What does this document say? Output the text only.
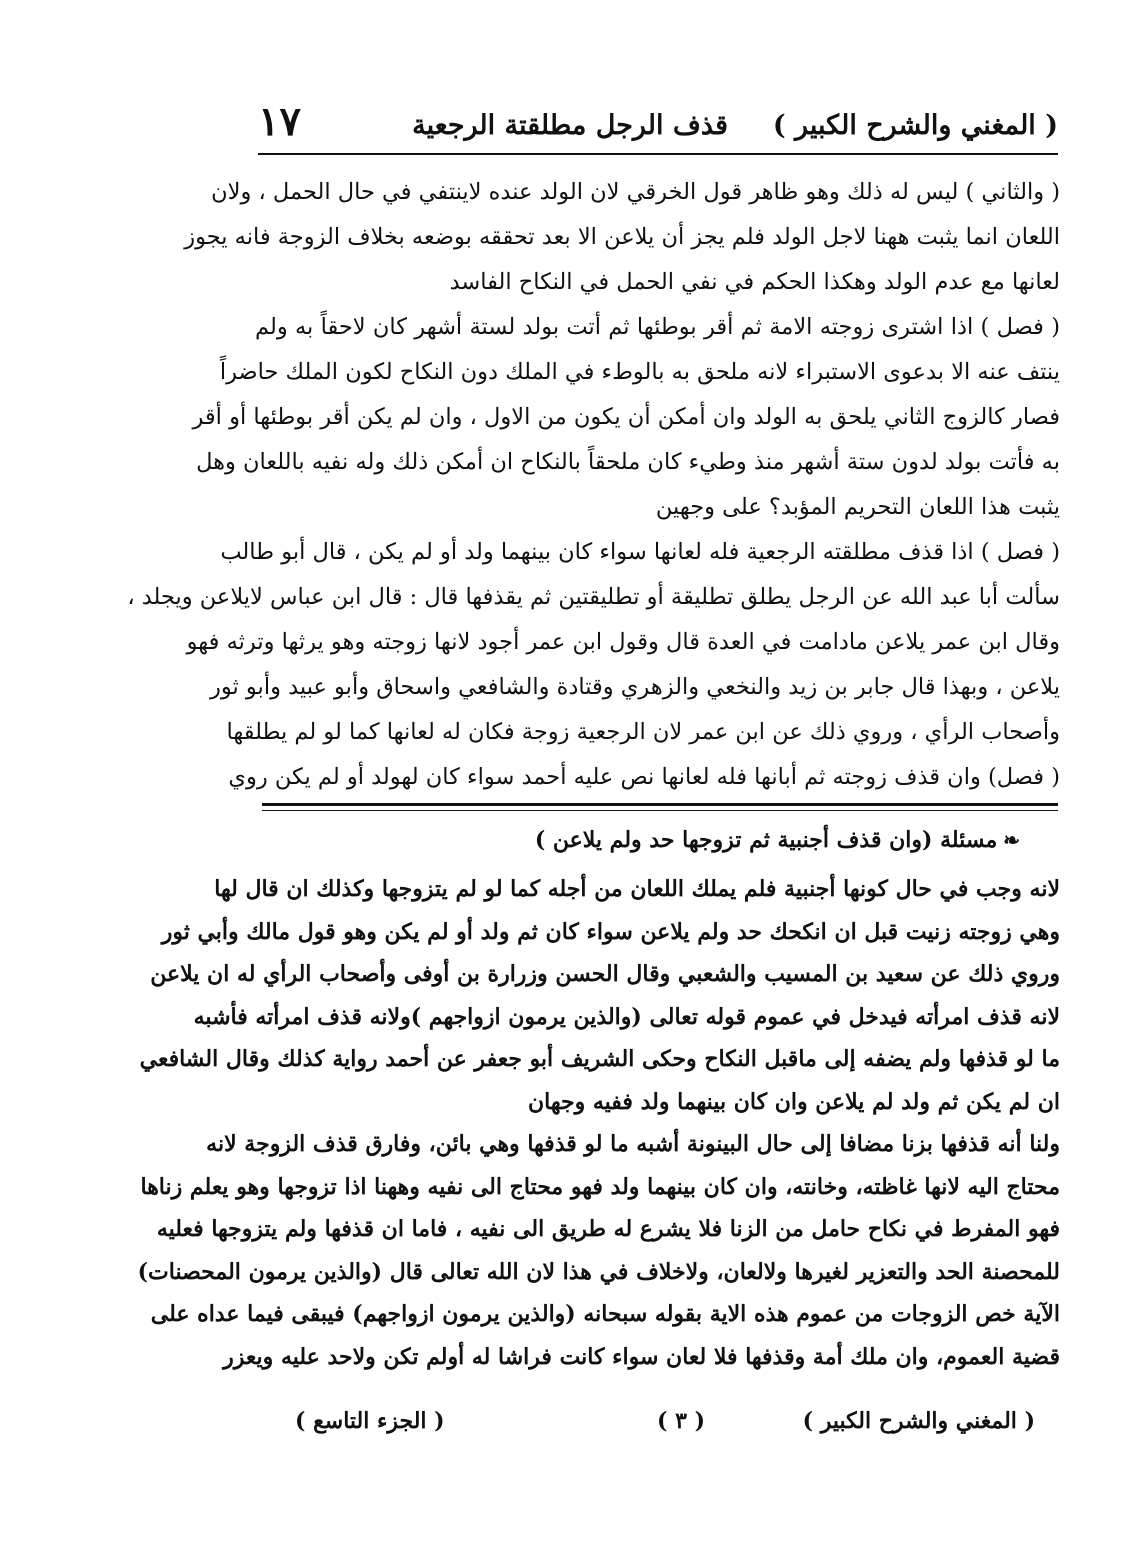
( المغني والشرح الكبير )
قذف الرجل مطلقتة الرجعية
١٧
( والثاني ) ليس له ذلك وهو ظاهر قول الخرقي لان الولد عنده لاينتفي في حال الحمل ، ولان
اللعان انما يثبت ههنا لاجل الولد فلم يجز أن يلاعن الا بعد تحققه بوضعه بخلاف الزوجة فانه يجوز
لعانها مع عدم الولد وهكذا الحكم في نفي الحمل في النكاح الفاسد
( فصل ) اذا اشترى زوجته الامة ثم أقر بوطئها ثم أتت بولد لستة أشهر كان لاحقاً به ولم
ينتف عنه الا بدعوى الاستبراء لانه ملحق به بالوطء في الملك دون النكاح لكون الملك حاضراً
فصار كالزوج الثاني يلحق به الولد وان أمكن أن يكون من الاول ، وان لم يكن أقر بوطئها أو أقر
به فأتت بولد لدون ستة أشهر منذ وطيء كان ملحقاً بالنكاح ان أمكن ذلك وله نفيه باللعان وهل
يثبت هذا اللعان التحريم المؤبد؟ على وجهين
( فصل ) اذا قذف مطلقته الرجعية فله لعانها سواء كان بينهما ولد أو لم يكن ، قال أبو طالب
سألت أبا عبد الله عن الرجل يطلق تطليقة أو تطليقتين ثم يقذفها قال : قال ابن عباس لايلاعن ويجلد ،
وقال ابن عمر يلاعن مادامت في العدة قال وقول ابن عمر أجود لانها زوجته وهو يرثها وترثه فهو
يلاعن ، وبهذا قال جابر بن زيد والنخعي والزهري وقتادة والشافعي واسحاق وأبو عبيد وأبو ثور
وأصحاب الرأي ، وروي ذلك عن ابن عمر لان الرجعية زوجة فكان له لعانها كما لو لم يطلقها
( فصل) وان قذف زوجته ثم أبانها فله لعانها نص عليه أحمد سواء كان لهولد أو لم يكن روي
❧مسئلة (وان قذف أجنبية ثم تزوجها حد ولم يلاعن )
لانه وجب في حال كونها أجنبية فلم يملك اللعان من أجله كما لو لم يتزوجها وكذلك ان قال لها
وهي زوجته زنيت قبل ان انكحك حد ولم يلاعن سواء كان ثم ولد أو لم يكن وهو قول مالك وأبي ثور
وروي ذلك عن سعيد بن المسيب والشعبي وقال الحسن وزرارة بن أوفى وأصحاب الرأي له ان يلاعن
لانه قذف امرأته فيدخل في عموم قوله تعالى (والذين يرمون ازواجهم )ولانه قذف امرأته فأشبه
ما لو قذفها ولم يضفه إلى ماقبل النكاح وحكى الشريف أبو جعفر عن أحمد رواية كذلك وقال الشافعي
ان لم يكن ثم ولد لم يلاعن وان كان بينهما ولد ففيه وجهان
ولنا أنه قذفها بزنا مضافا إلى حال البينونة أشبه ما لو قذفها وهي بائن، وفارق قذف الزوجة لانه
محتاج اليه لانها غاظته، وخانته، وان كان بينهما ولد فهو محتاج الى نفيه وههنا اذا تزوجها وهو يعلم زناها
فهو المفرط في نكاح حامل من الزنا فلا يشرع له طريق الى نفيه ، فاما ان قذفها ولم يتزوجها فعليه
للمحصنة الحد والتعزير لغيرها ولالعان، ولاخلاف في هذا لان الله تعالى قال (والذين يرمون المحصنات)
الآية خص الزوجات من عموم هذه الاية بقوله سبحانه (والذين يرمون ازواجهم) فيبقى فيما عداه على
قضية العموم، وان ملك أمة وقذفها فلا لعان سواء كانت فراشا له أولم تكن ولاحد عليه ويعزر
( المغني والشرح الكبير )
( ٣ )
( الجزء التاسع )
